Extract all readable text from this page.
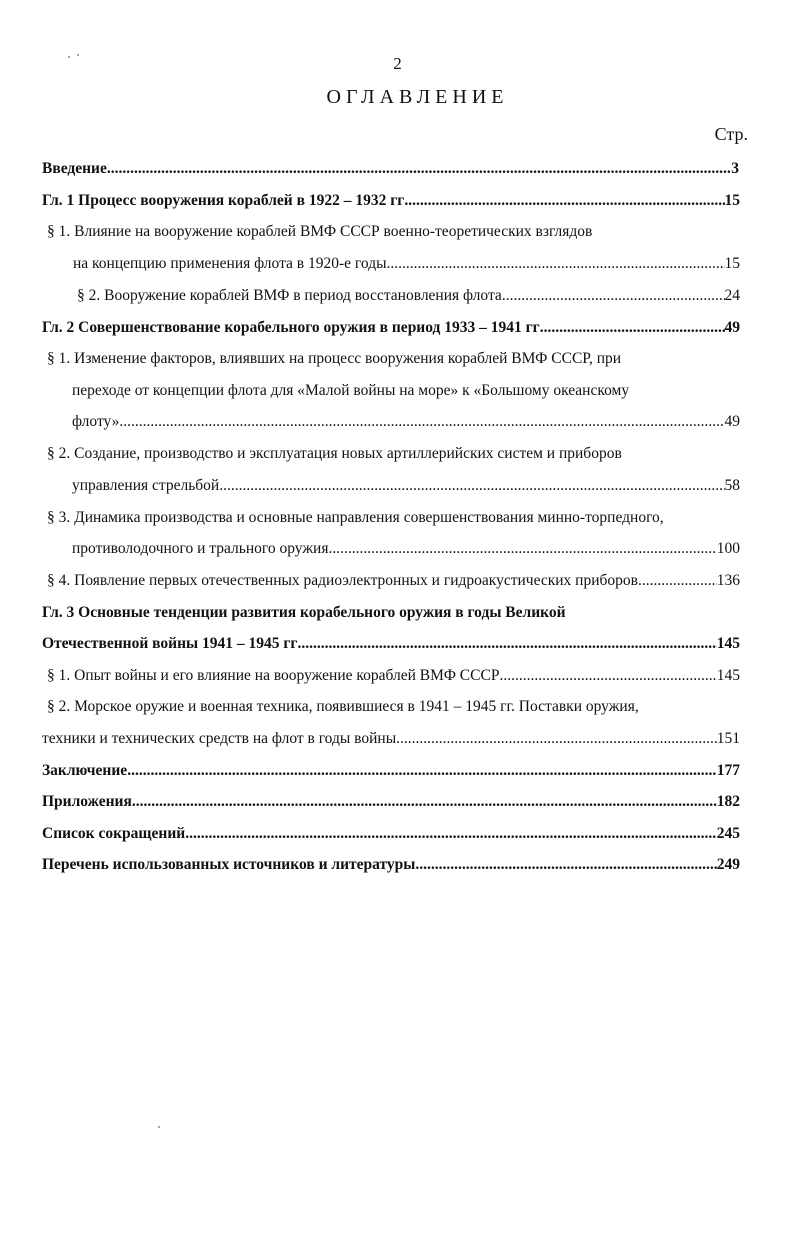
2
ОГЛАВЛЕНИЕ
Стр.
Введение .....	3
Гл. 1 Процесс вооружения кораблей в 1922 – 1932 гг .....	15
§ 1. Влияние на вооружение кораблей ВМФ СССР военно-теоретических взглядов
на концепцию применения флота в 1920-е годы .....	15
§ 2. Вооружение кораблей ВМФ в период восстановления флота .....	24
Гл. 2 Совершенствование корабельного оружия в период 1933 – 1941 гг .....	49
§ 1. Изменение факторов, влиявших на процесс вооружения кораблей ВМФ СССР, при
переходе от концепции флота для «Малой войны на море» к «Большому океанскому
флоту» .....	49
§ 2. Создание, производство и эксплуатация новых артиллерийских систем и приборов
управления стрельбой .....	58
§ 3. Динамика производства и основные направления совершенствования минно-торпедного,
противолодочного и трального оружия .....	100
§ 4. Появление первых отечественных радиоэлектронных и гидроакустических приборов .....	136
Гл. 3 Основные тенденции развития корабельного оружия в годы Великой
Отечественной войны 1941 – 1945 гг .....	145
§ 1. Опыт войны и его влияние на вооружение кораблей ВМФ СССР .....	145
§ 2. Морское оружие и военная техника, появившиеся в 1941 – 1945 гг. Поставки оружия,
техники и технических средств на флот в годы войны .....	151
Заключение .....	177
Приложения .....	182
Список сокращений .....	245
Перечень использованных источников и литературы .....	249
